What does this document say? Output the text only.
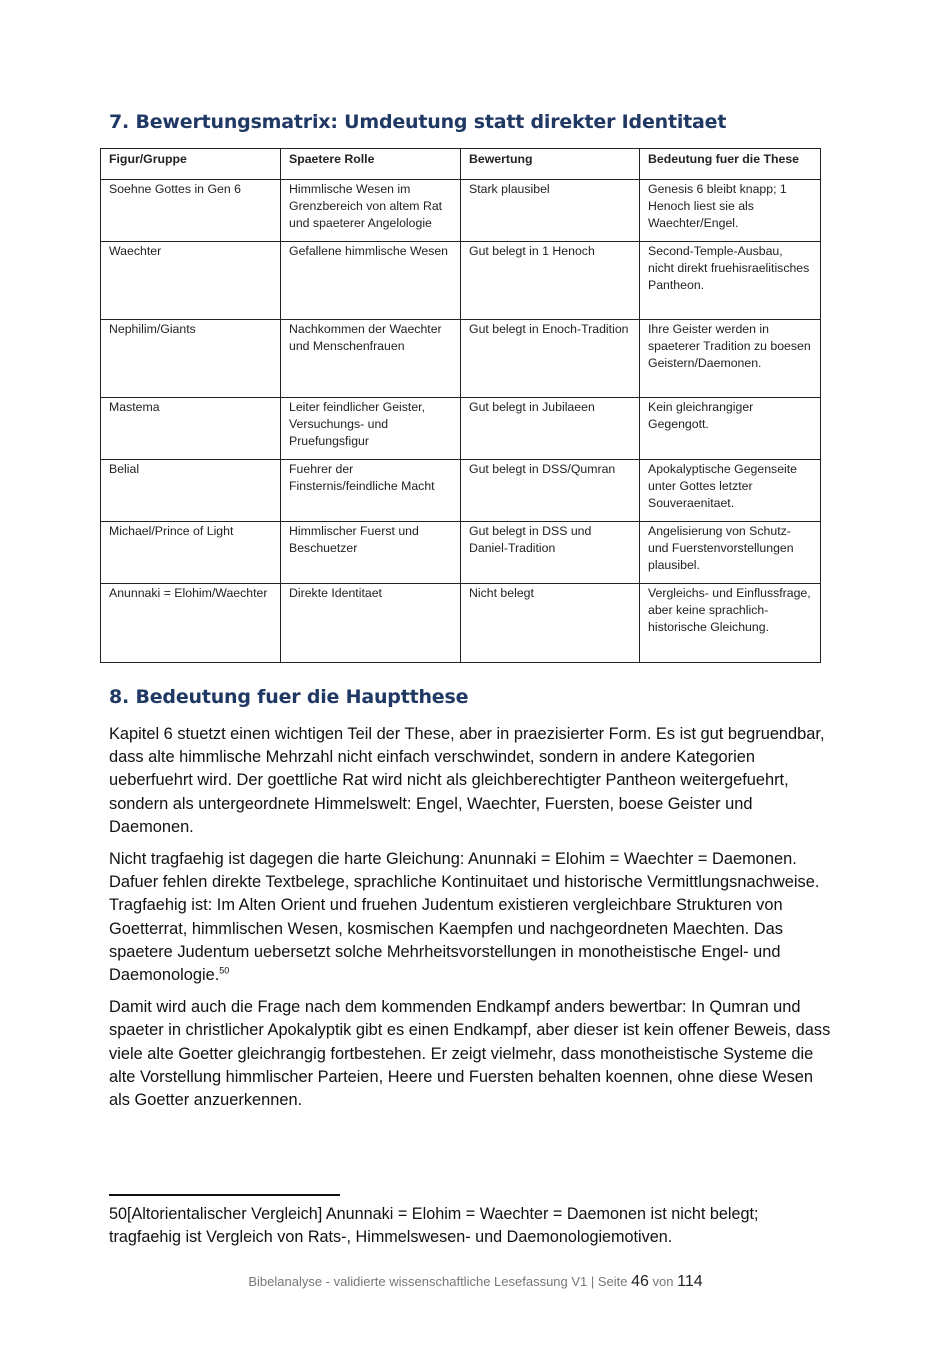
7. Bewertungsmatrix: Umdeutung statt direkter Identitaet
Figur/Gruppe	Spaetere Rolle	Bewertung	Bedeutung fuer die These
Soehne Gottes in Gen 6	Himmlische Wesen im Grenzbereich von altem Rat und spaeterer Angelologie	Stark plausibel	Genesis 6 bleibt knapp; 1 Henoch liest sie als Waechter/Engel.
Waechter	Gefallene himmlische Wesen	Gut belegt in 1 Henoch	Second-Temple-Ausbau, nicht direkt fruehisraelitisches Pantheon.
Nephilim/Giants	Nachkommen der Waechter und Menschenfrauen	Gut belegt in Enoch-Tradition	Ihre Geister werden in spaeterer Tradition zu boesen Geistern/Daemonen.
Mastema	Leiter feindlicher Geister, Versuchungs- und Pruefungsfigur	Gut belegt in Jubilaeen	Kein gleichrangiger Gegengott.
Belial	Fuehrer der Finsternis/feindliche Macht	Gut belegt in DSS/Qumran	Apokalyptische Gegenseite unter Gottes letzter Souveraenitaet.
Michael/Prince of Light	Himmlischer Fuerst und Beschuetzer	Gut belegt in DSS und Daniel-Tradition	Angelisierung von Schutz- und Fuerstenvorstellungen plausibel.
Anunnaki = Elohim/Waechter	Direkte Identitaet	Nicht belegt	Vergleichs- und Einflussfrage, aber keine sprachlich-historische Gleichung.
8. Bedeutung fuer die Hauptthese

Kapitel 6 stuetzt einen wichtigen Teil der These, aber in praezisierter Form. Es ist gut begruendbar, dass alte himmlische Mehrzahl nicht einfach verschwindet, sondern in andere Kategorien ueberfuehrt wird. Der goettliche Rat wird nicht als gleichberechtigter Pantheon weitergefuehrt, sondern als untergeordnete Himmelswelt: Engel, Waechter, Fuersten, boese Geister und Daemonen.

Nicht tragfaehig ist dagegen die harte Gleichung: Anunnaki = Elohim = Waechter = Daemonen. Dafuer fehlen direkte Textbelege, sprachliche Kontinuitaet und historische Vermittlungsnachweise. Tragfaehig ist: Im Alten Orient und fruehen Judentum existieren vergleichbare Strukturen von Goetterrat, himmlischen Wesen, kosmischen Kaempfen und nachgeordneten Maechten. Das spaetere Judentum uebersetzt solche Mehrheitsvorstellungen in monotheistische Engel- und Daemonologie.$^{50}$

Damit wird auch die Frage nach dem kommenden Endkampf anders bewertbar: In Qumran und spaeter in christlicher Apokalyptik gibt es einen Endkampf, aber dieser ist kein offener Beweis, dass viele alte Goetter gleichrangig fortbestehen. Er zeigt vielmehr, dass monotheistische Systeme die alte Vorstellung himmlischer Parteien, Heere und Fuersten behalten koennen, ohne diese Wesen als Goetter anzuerkennen.

50[Altorientalischer Vergleich] Anunnaki = Elohim = Waechter = Daemonen ist nicht belegt; tragfaehig ist Vergleich von Rats-, Himmelswesen- und Daemonologiemotiven.
Bibelanalyse - validierte wissenschaftliche Lesefassung V1 | Seite 46 von 114
